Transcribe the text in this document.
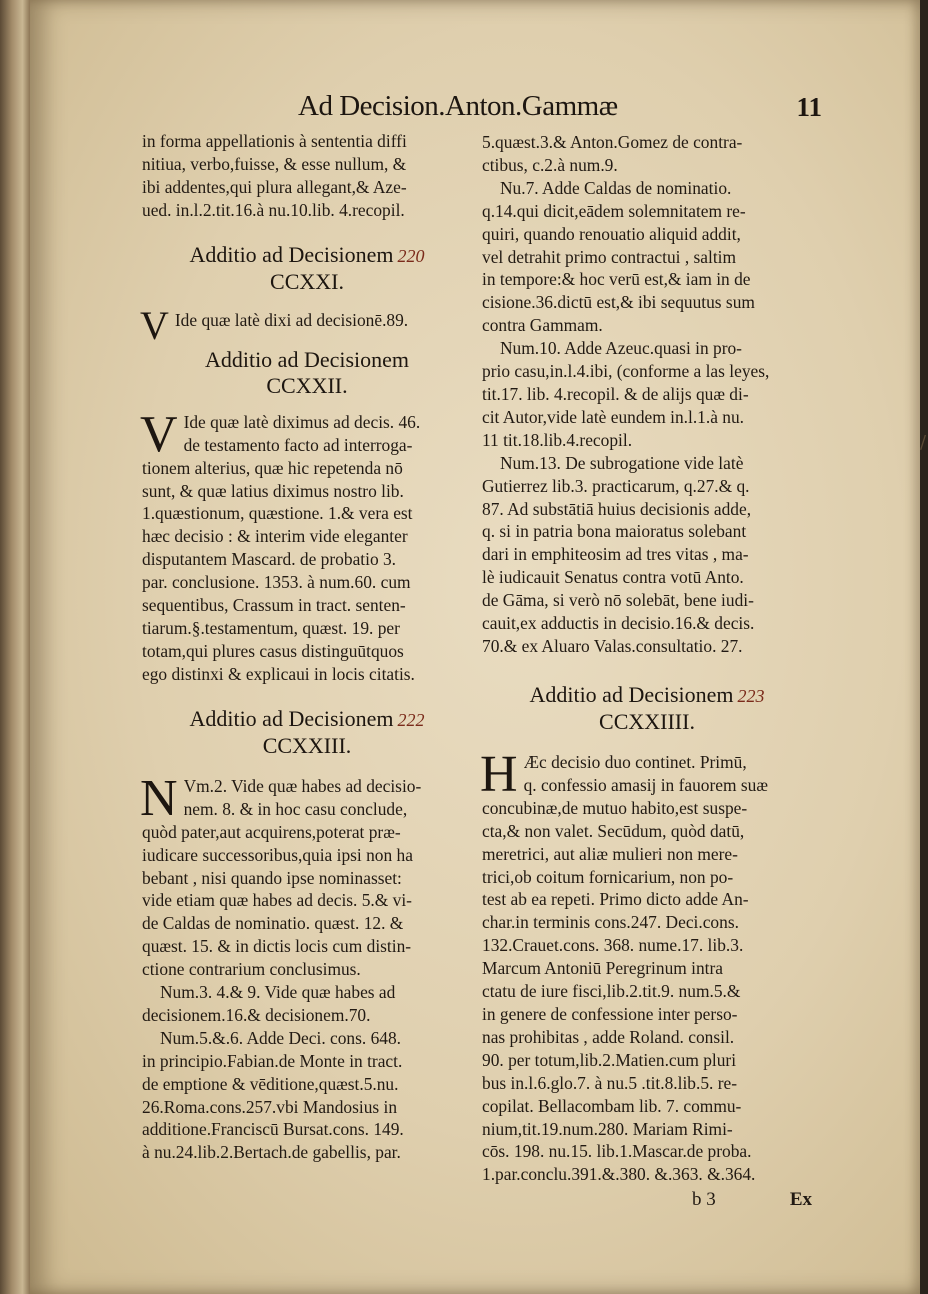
Ad Decision.Anton.Gammæ	11
in forma appellationis à sententia diffi
nitiua, verbo,fuisse, & esse nullum, &
ibi addentes,qui plura allegant,& Aze-
ued. in.l.2.tit.16.à nu.10.lib. 4.recopil.
Additio ad Decisionem 220
CCXXI.
V Ide quæ latè dixi ad decisionē.89.
Additio ad Decisionem
CCXXII.
V Ide quæ latè diximus ad decis. 46.
de testamento facto ad interroga-
tionem alterius, quæ hic repetenda nō
sunt, & quæ latius diximus nostro lib.
1.quæstionum, quæstione. 1.& vera est
hæc decisio : & interim vide eleganter
disputantem Mascard. de probatio 3.
par. conclusione. 1353. à num.60. cum
sequentibus, Crassum in tract. senten-
tiarum.§.testamentum, quæst. 19. per
totam,qui plures casus distinguūtquos
ego distinxi & explicaui in locis citatis.
Additio ad Decisionem 222
CCXXIII.
N Vm.2. Vide quæ habes ad decisio-
nem. 8. & in hoc casu conclude,
quòd pater,aut acquirens,poterat præ-
iudicare successoribus,quia ipsi non ha
bebant , nisi quando ipse nominasset:
vide etiam quæ habes ad decis. 5.& vi-
de Caldas de nominatio. quæst. 12. &
quæst. 15. & in dictis locis cum distin-
ctione contrarium conclusimus.
Num.3. 4.& 9. Vide quæ habes ad
decisionem.16.& decisionem.70.
Num.5.&.6. Adde Deci. cons. 648.
in principio.Fabian.de Monte in tract.
de emptione & vēditione,quæst.5.nu.
26.Roma.cons.257.vbi Mandosius in
additione.Franciscū Bursat.cons. 149.
à nu.24.lib.2.Bertach.de gabellis, par.
5.quæst.3.& Anton.Gomez de contra-
ctibus, c.2.à num.9.
Nu.7. Adde Caldas de nominatio.
q.14.qui dicit,eādem solemnitatem re-
quiri, quando renouatio aliquid addit,
vel detrahit primo contractui , saltim
in tempore:& hoc verū est,& iam in de
cisione.36.dictū est,& ibi sequutus sum
contra Gammam.
Num.10. Adde Azeuc.quasi in pro-
prio casu,in.l.4.ibi, (conforme a las leyes,
tit.17. lib. 4.recopil. & de alijs quæ di-
cit Autor,vide latè eundem in.l.1.à nu.
11 tit.18.lib.4.recopil.
Num.13. De subrogatione vide latè
Gutierrez lib.3. practicarum, q.27.& q.
87. Ad substātiā huius decisionis adde,
q. si in patria bona maioratus solebant
dari in emphiteosim ad tres vitas , ma-
lè iudicauit Senatus contra votū Anto.
de Gāma, si verò nō solebāt, bene iudi-
cauit,ex adductis in decisio.16.& decis.
70.& ex Aluaro Valas.consultatio. 27.
Additio ad Decisionem 223
CCXXIIII.
H Æc decisio duo continet. Primū,
q. confessio amasij in fauorem suæ
concubinæ,de mutuo habito,est suspe-
cta,& non valet. Secūdum, quòd datū,
meretrici, aut aliæ mulieri non mere-
trici,ob coitum fornicarium, non po-
test ab ea repeti. Primo dicto adde An-
char.in terminis cons.247. Deci.cons.
132.Crauet.cons. 368. nume.17. lib.3.
Marcum Antoniū Peregrinum intra
ctatu de iure fisci,lib.2.tit.9. num.5.&
in genere de confessione inter perso-
nas prohibitas , adde Roland. consil.
90. per totum,lib.2.Matien.cum pluri
bus in.l.6.glo.7. à nu.5 .tit.8.lib.5. re-
copilat. Bellacombam lib. 7. commu-
nium,tit.19.num.280. Mariam Rimi-
cōs. 198. nu.15. lib.1.Mascar.de proba.
1.par.conclu.391.&.380. &.363. &.364.
b 3	Ex
/
